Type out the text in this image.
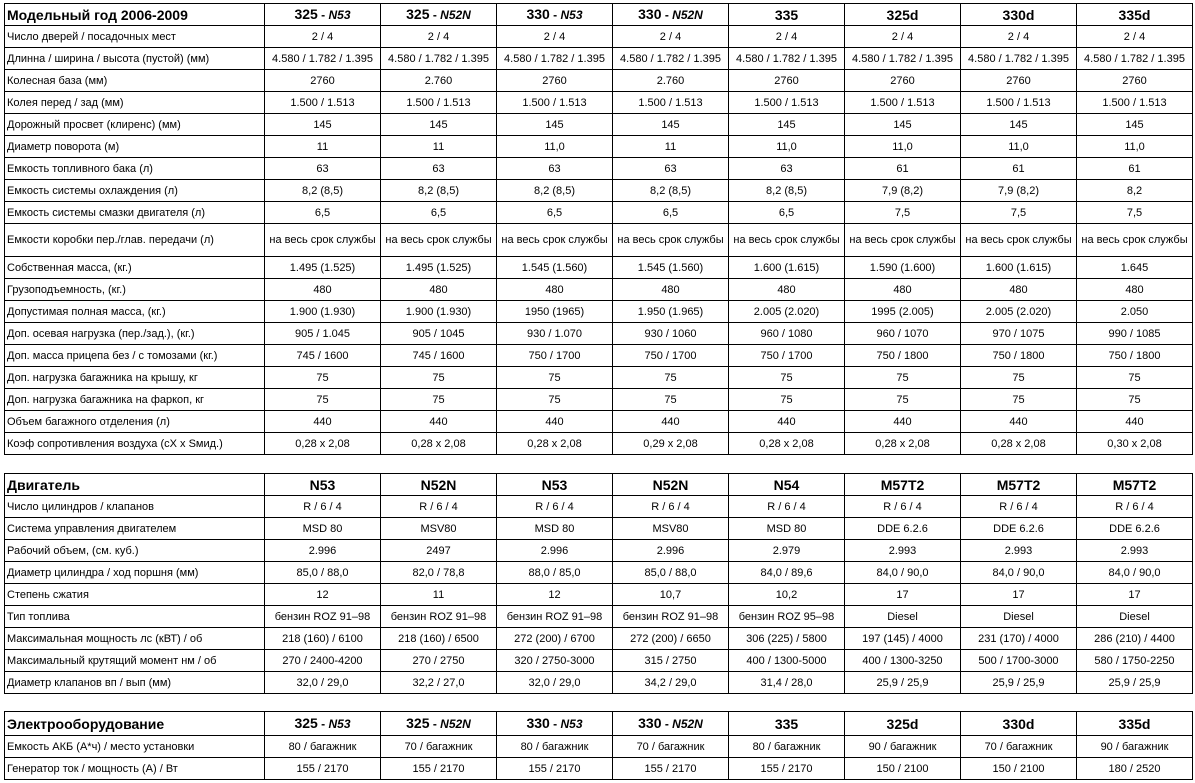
Модельный год 2006-2009	325 - N53	325 - N52N	330 - N53	330 - N52N	335	325d	330d	335d
Число дверей / посадочных мест	2 / 4	2 / 4	2 / 4	2 / 4	2 / 4	2 / 4	2 / 4	2 / 4
Длинна / ширина / высота (пустой) (мм)	4.580 / 1.782 / 1.395	4.580 / 1.782 / 1.395	4.580 / 1.782 / 1.395	4.580 / 1.782 / 1.395	4.580 / 1.782 / 1.395	4.580 / 1.782 / 1.395	4.580 / 1.782 / 1.395	4.580 / 1.782 / 1.395
Колесная база (мм)	2760	2.760	2760	2.760	2760	2760	2760	2760
Колея перед / зад (мм)	1.500 / 1.513	1.500 / 1.513	1.500 / 1.513	1.500 / 1.513	1.500 / 1.513	1.500 / 1.513	1.500 / 1.513	1.500 / 1.513
Дорожный просвет (клиренс) (мм)	145	145	145	145	145	145	145	145
Диаметр поворота (м)	11	11	11,0	11	11,0	11,0	11,0	11,0
Емкость топливного бака (л)	63	63	63	63	63	61	61	61
Емкость системы охлаждения (л)	8,2 (8,5)	8,2 (8,5)	8,2 (8,5)	8,2 (8,5)	8,2 (8,5)	7,9 (8,2)	7,9 (8,2)	8,2
Емкость системы смазки двигателя (л)	6,5	6,5	6,5	6,5	6,5	7,5	7,5	7,5
Емкости коробки пер./глав. передачи (л)	на весь срок службы	на весь срок службы	на весь срок службы	на весь срок службы	на весь срок службы	на весь срок службы	на весь срок службы	на весь срок службы
Собственная масса, (кг.)	1.495 (1.525)	1.495 (1.525)	1.545 (1.560)	1.545 (1.560)	1.600 (1.615)	1.590 (1.600)	1.600 (1.615)	1.645
Грузоподъемность, (кг.)	480	480	480	480	480	480	480	480
Допустимая полная масса, (кг.)	1.900 (1.930)	1.900 (1.930)	1950 (1965)	1.950 (1.965)	2.005 (2.020)	1995 (2.005)	2.005 (2.020)	2.050
Доп. осевая нагрузка (пер./зад.), (кг.)	905 / 1.045	905 / 1045	930 / 1.070	930 / 1060	960 / 1080	960 / 1070	970 / 1075	990 / 1085
Доп. масса прицепа без / с томозами (кг.)	745 / 1600	745 / 1600	750 / 1700	750 / 1700	750 / 1700	750 / 1800	750 / 1800	750 / 1800
Доп. нагрузка багажника на крышу, кг	75	75	75	75	75	75	75	75
Доп. нагрузка багажника на фаркоп, кг	75	75	75	75	75	75	75	75
Объем багажного отделения (л)	440	440	440	440	440	440	440	440
Коэф сопротивления воздуха (cX x Sмид.)	0,28 x 2,08	0,28 x 2,08	0,28 x 2,08	0,29 x 2,08	0,28 x 2,08	0,28 x 2,08	0,28 x 2,08	0,30 x 2,08
Двигатель	N53	N52N	N53	N52N	N54	M57T2	M57T2	M57T2
Число цилиндров / клапанов	R / 6 / 4	R / 6 / 4	R / 6 / 4	R / 6 / 4	R / 6 / 4	R / 6 / 4	R / 6 / 4	R / 6 / 4
Система управления двигателем	MSD 80	MSV80	MSD 80	MSV80	MSD 80	DDE 6.2.6	DDE 6.2.6	DDE 6.2.6
Рабочий объем, (см. куб.)	2.996	2497	2.996	2.996	2.979	2.993	2.993	2.993
Диаметр цилиндра / ход поршня (мм)	85,0 / 88,0	82,0 / 78,8	88,0 / 85,0	85,0 / 88,0	84,0 / 89,6	84,0 / 90,0	84,0 / 90,0	84,0 / 90,0
Степень сжатия	12	11	12	10,7	10,2	17	17	17
Тип топлива	бензин ROZ 91–98	бензин ROZ 91–98	бензин ROZ 91–98	бензин ROZ 91–98	бензин ROZ 95–98	Diesel	Diesel	Diesel
Максимальная мощность лс (кВТ) / об	218 (160) / 6100	218 (160) / 6500	272 (200) / 6700	272 (200) / 6650	306 (225) / 5800	197 (145) / 4000	231 (170) / 4000	286 (210) / 4400
Максимальный крутящий момент нм / об	270 / 2400-4200	270 / 2750	320 / 2750-3000	315 / 2750	400 / 1300-5000	400 / 1300-3250	500 / 1700-3000	580 / 1750-2250
Диаметр клапанов вп / вып (мм)	32,0 / 29,0	32,2 / 27,0	32,0 / 29,0	34,2 / 29,0	31,4 / 28,0	25,9 / 25,9	25,9 / 25,9	25,9 / 25,9
Электрооборудование	325 - N53	325 - N52N	330 - N53	330 - N52N	335	325d	330d	335d
Емкость АКБ (А*ч) / место установки	80 / багажник	70 / багажник	80 / багажник	70 / багажник	80 / багажник	90 / багажник	70 / багажник	90 / багажник
Генератор ток / мощность (А) / Вт	155 / 2170	155 / 2170	155 / 2170	155 / 2170	155 / 2170	150 / 2100	150 / 2100	180 / 2520
